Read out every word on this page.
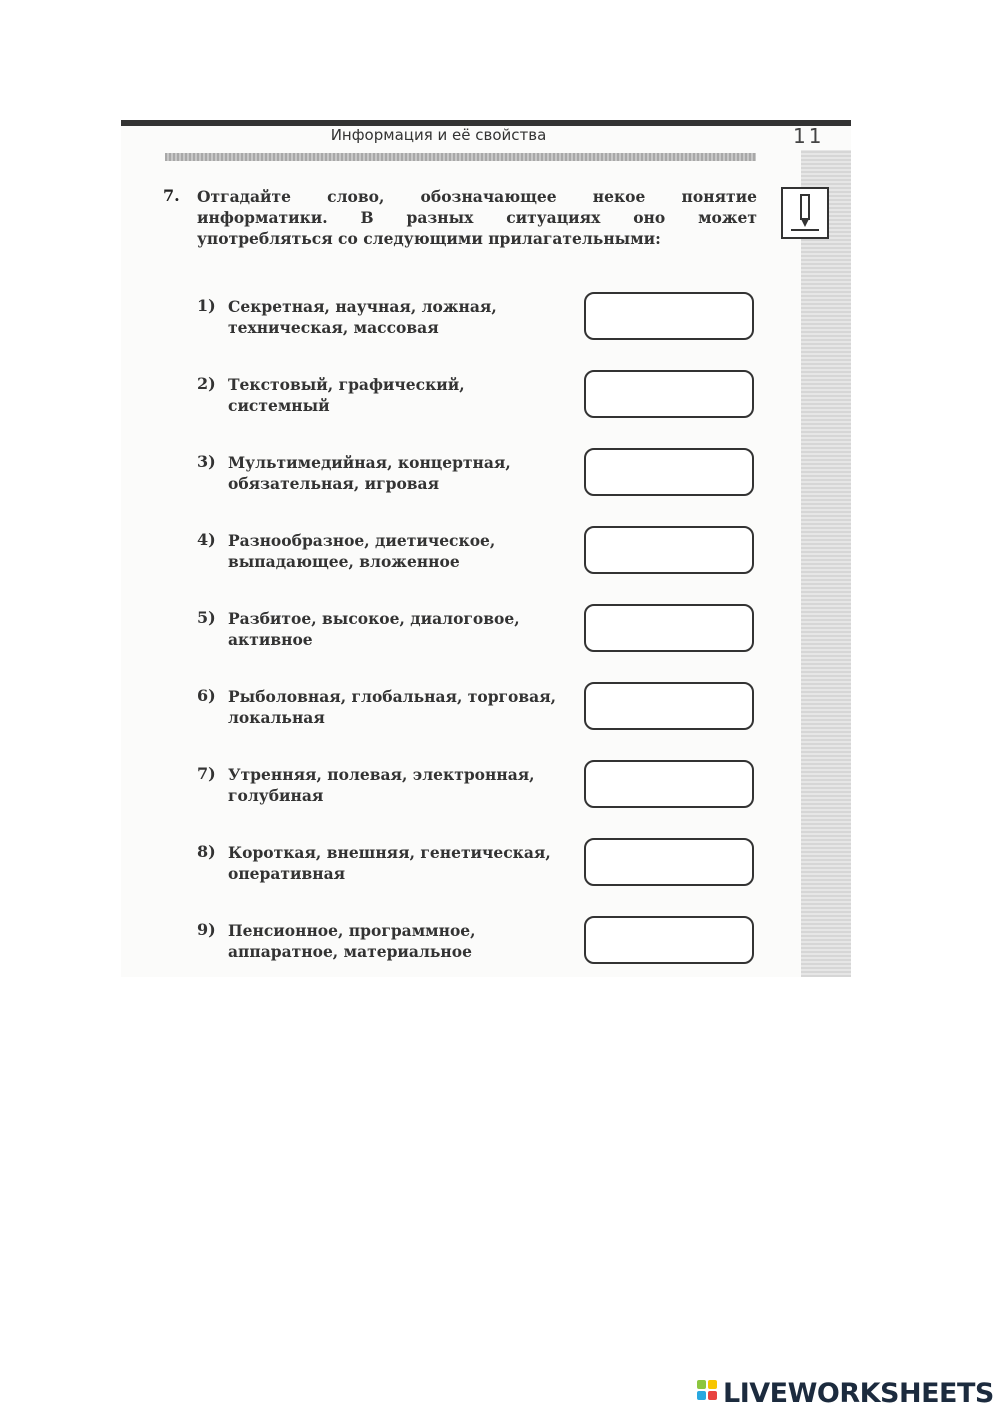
Информация и её свойства	11
7. Отгадайте слово, обозначающее некое понятие информатики. В разных ситуациях оно может употребляться со следующими прилагательными:
1) Секретная, научная, ложная, техническая, массовая
2) Текстовый, графический, системный
3) Мультимедийная, концертная, обязательная, игровая
4) Разнообразное, диетическое, выпадающее, вложенное
5) Разбитое, высокое, диалоговое, активное
6) Рыболовная, глобальная, торговая, локальная
7) Утренняя, полевая, электронная, голубиная
8) Короткая, внешняя, генетическая, оперативная
9) Пенсионное, программное, аппаратное, материальное
LIVEWORKSHEETS
